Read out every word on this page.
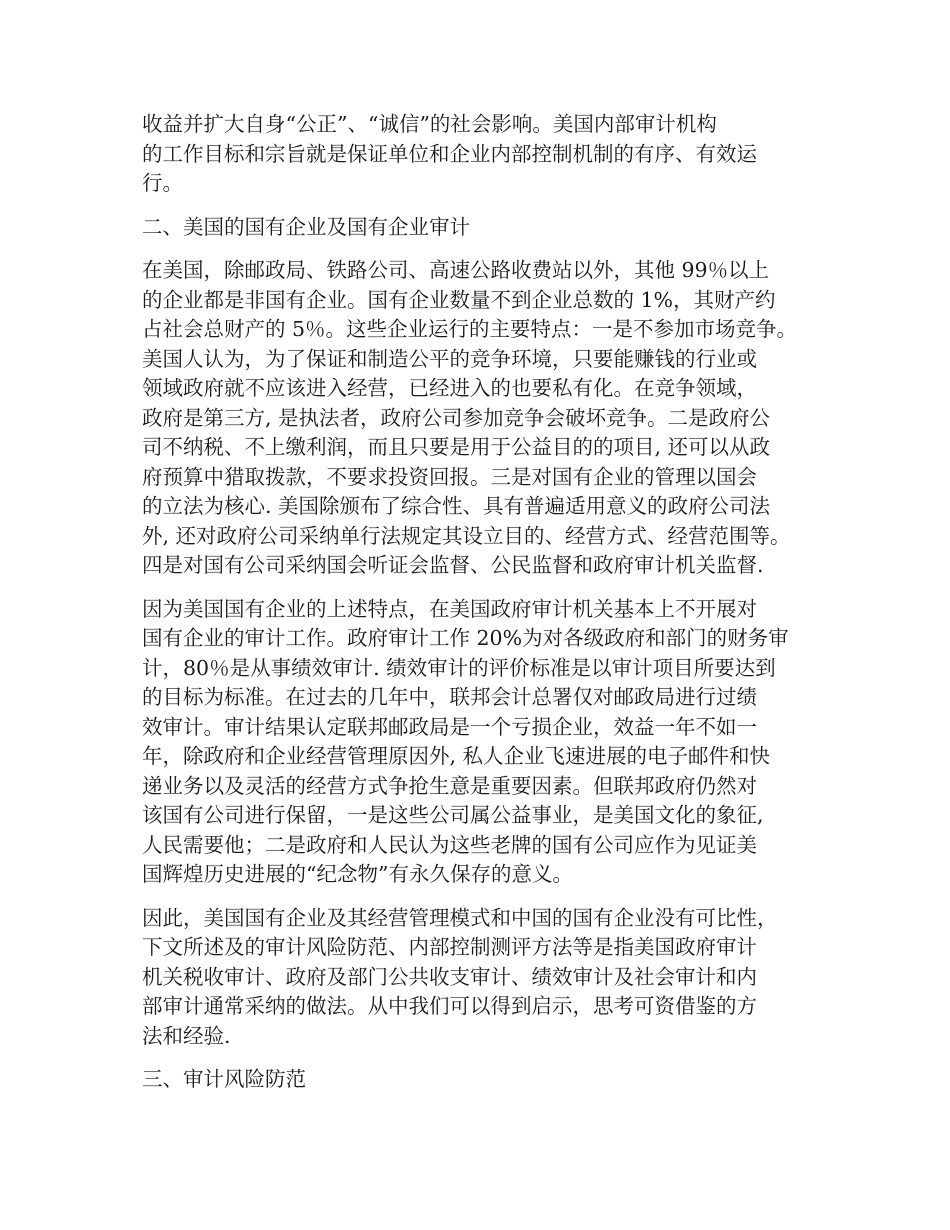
收益并扩大自身“公正”、“诚信”的社会影响。美国内部审计机构
的工作目标和宗旨就是保证单位和企业内部控制机制的有序、有效运
行。
二、美国的国有企业及国有企业审计
在美国，除邮政局、铁路公司、高速公路收费站以外，其他 99％以上
的企业都是非国有企业。国有企业数量不到企业总数的 1%，其财产约
占社会总财产的 5％。这些企业运行的主要特点：一是不参加市场竞争。
美国人认为，为了保证和制造公平的竞争环境，只要能赚钱的行业或
领域政府就不应该进入经营，已经进入的也要私有化。在竞争领域，
政府是第三方, 是执法者，政府公司参加竞争会破坏竞争。二是政府公
司不纳税、不上缴利润，而且只要是用于公益目的的项目, 还可以从政
府预算中猎取拨款，不要求投资回报。三是对国有企业的管理以国会
的立法为核心. 美国除颁布了综合性、具有普遍适用意义的政府公司法
外, 还对政府公司采纳单行法规定其设立目的、经营方式、经营范围等。
四是对国有公司采纳国会听证会监督、公民监督和政府审计机关监督.
因为美国国有企业的上述特点，在美国政府审计机关基本上不开展对
国有企业的审计工作。政府审计工作 20%为对各级政府和部门的财务审
计，80％是从事绩效审计. 绩效审计的评价标准是以审计项目所要达到
的目标为标准。在过去的几年中，联邦会计总署仅对邮政局进行过绩
效审计。审计结果认定联邦邮政局是一个亏损企业，效益一年不如一
年，除政府和企业经营管理原因外, 私人企业飞速进展的电子邮件和快
递业务以及灵活的经营方式争抢生意是重要因素。但联邦政府仍然对
该国有公司进行保留，一是这些公司属公益事业，是美国文化的象征,
人民需要他；二是政府和人民认为这些老牌的国有公司应作为见证美
国辉煌历史进展的“纪念物”有永久保存的意义。
因此，美国国有企业及其经营管理模式和中国的国有企业没有可比性，
下文所述及的审计风险防范、内部控制测评方法等是指美国政府审计
机关税收审计、政府及部门公共收支审计、绩效审计及社会审计和内
部审计通常采纳的做法。从中我们可以得到启示，思考可资借鉴的方
法和经验.
三、审计风险防范
